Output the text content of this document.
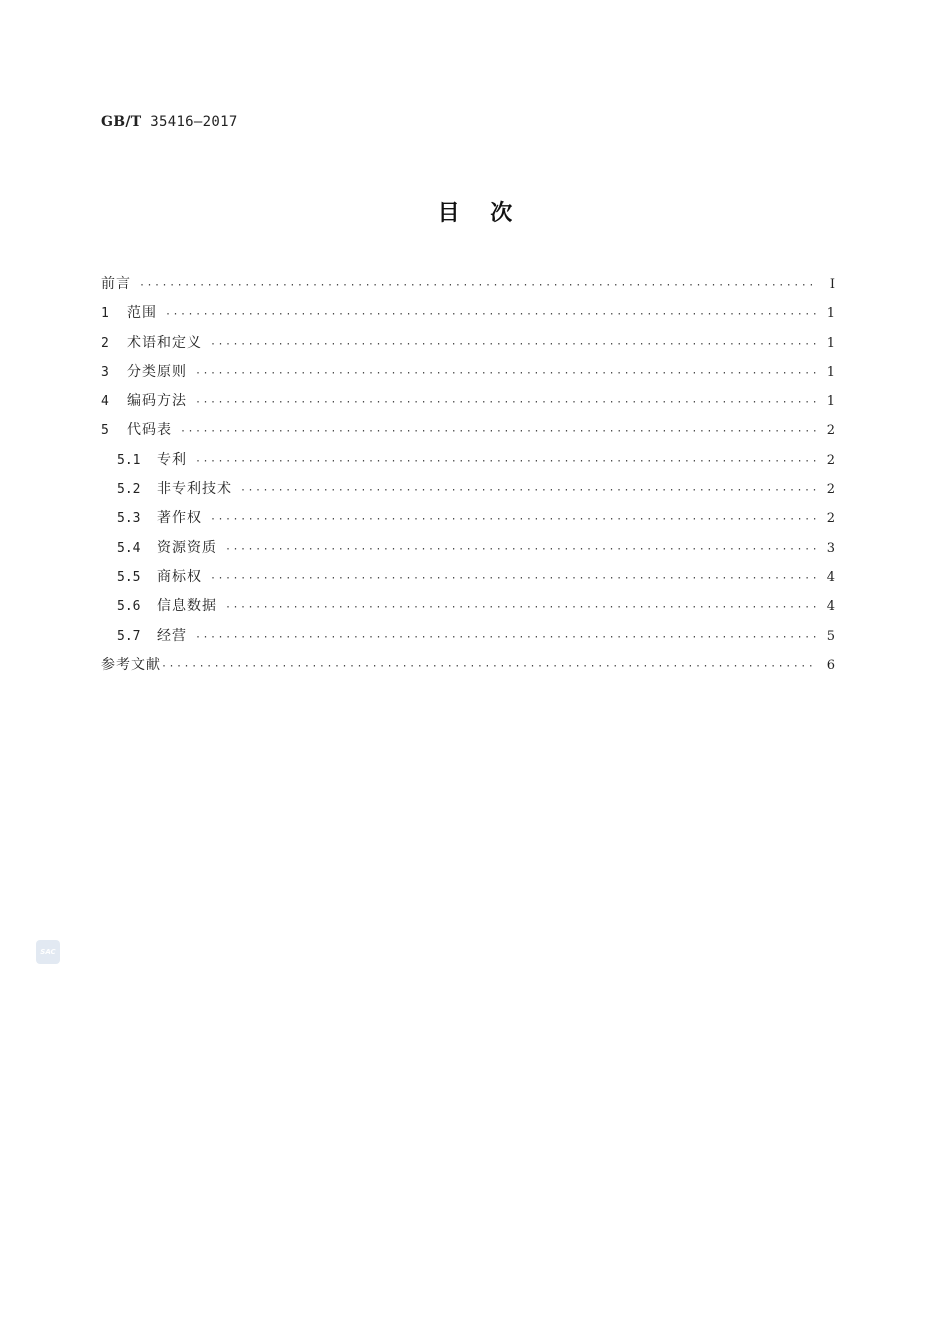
GB/T 35416—2017
目    次
前言 ·····	Ⅰ
1	范围 ·····	1
2	术语和定义 ·····	1
3	分类原则 ·····	1
4	编码方法 ·····	1
5	代码表 ·····	2
5.1	专利 ·····	2
5.2	非专利技术 ·····	2
5.3	著作权 ·····	2
5.4	资源资质 ·····	3
5.5	商标权 ·····	4
5.6	信息数据 ·····	4
5.7	经营 ·····	5
参考文献 ·····	6
SAC
